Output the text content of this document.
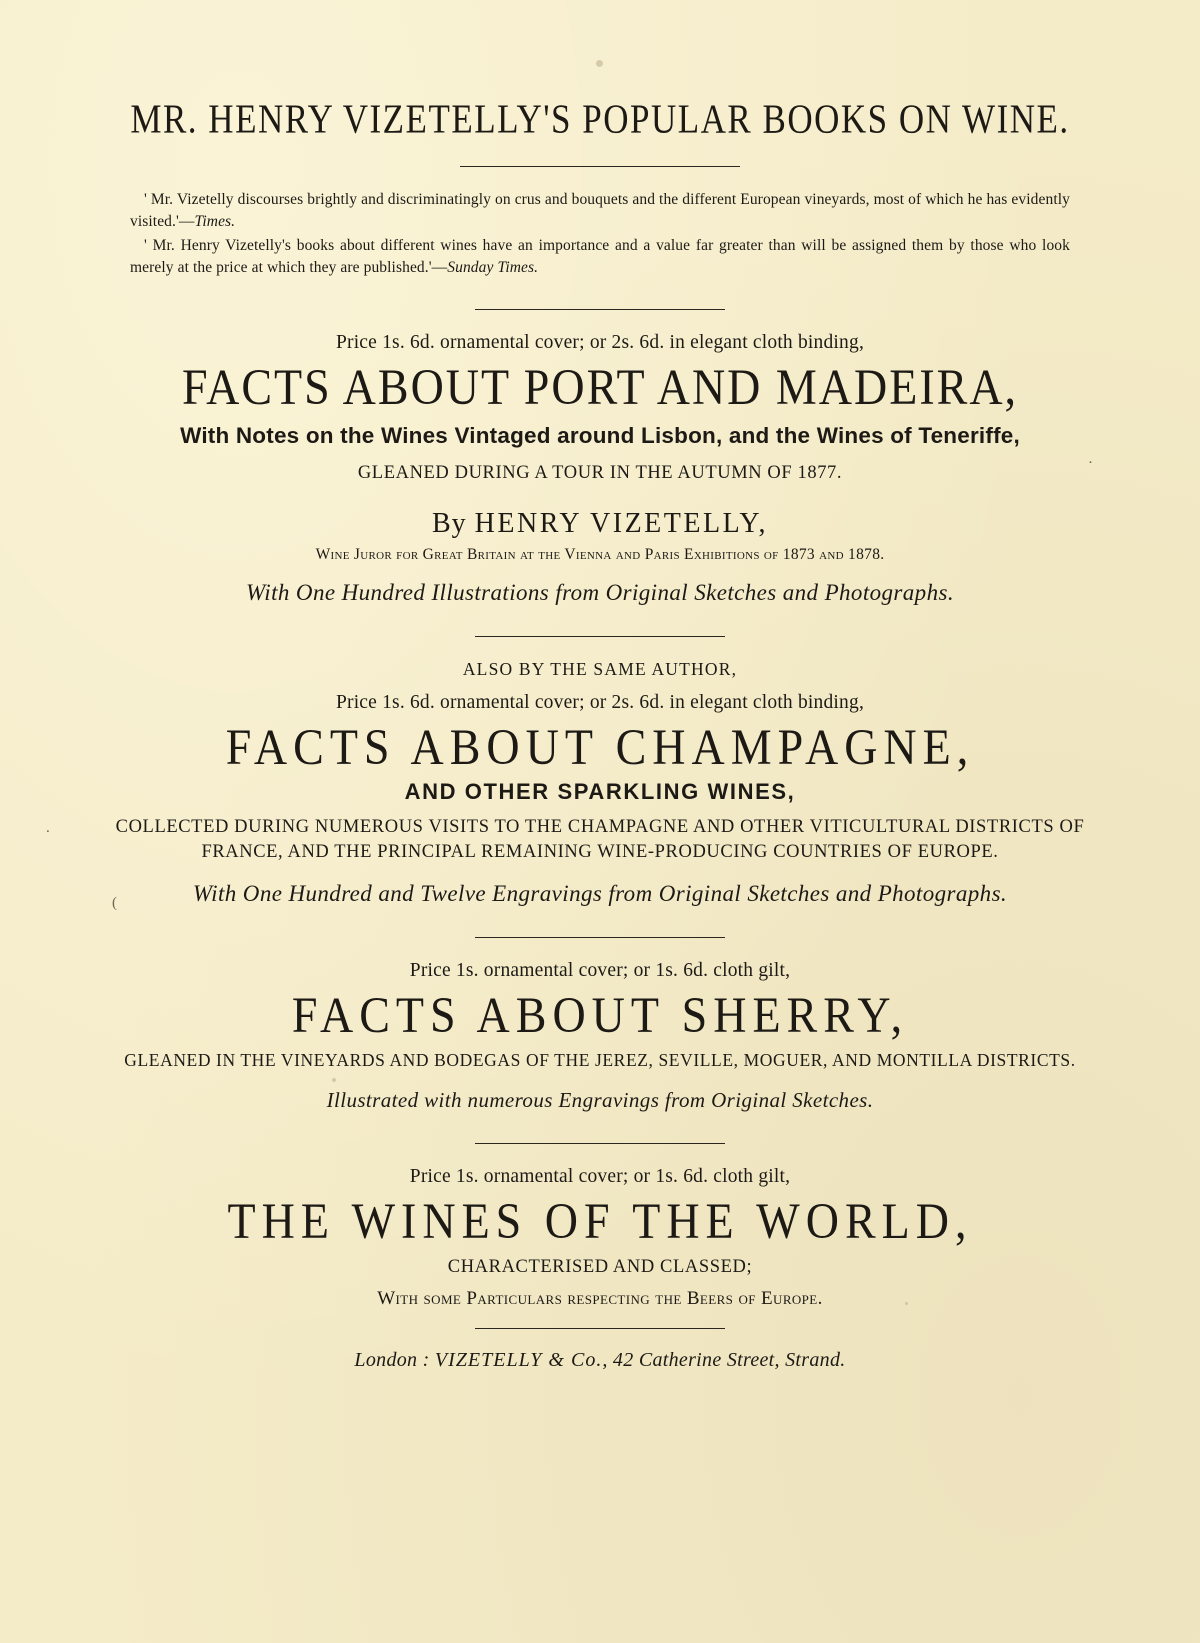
.
(
·
MR. HENRY VIZETELLY'S POPULAR BOOKS ON WINE.

' Mr. Vizetelly discourses brightly and discriminatingly on crus and bouquets and the different European vineyards, most of which he has evidently visited.'—Times.

' Mr. Henry Vizetelly's books about different wines have an importance and a value far greater than will be assigned them by those who look merely at the price at which they are published.'—Sunday Times.

Price 1s. 6d. ornamental cover; or 2s. 6d. in elegant cloth binding,
FACTS ABOUT PORT AND MADEIRA,
With Notes on the Wines Vintaged around Lisbon, and the Wines of Teneriffe,
GLEANED DURING A TOUR IN THE AUTUMN OF 1877.
By HENRY VIZETELLY,
Wine Juror for Great Britain at the Vienna and Paris Exhibitions of 1873 and 1878.
With One Hundred Illustrations from Original Sketches and Photographs.
ALSO BY THE SAME AUTHOR,
Price 1s. 6d. ornamental cover; or 2s. 6d. in elegant cloth binding,
FACTS ABOUT CHAMPAGNE,
AND OTHER SPARKLING WINES,
COLLECTED DURING NUMEROUS VISITS TO THE CHAMPAGNE AND OTHER VITICULTURAL DISTRICTS OF FRANCE, AND THE PRINCIPAL REMAINING WINE-PRODUCING COUNTRIES OF EUROPE.
With One Hundred and Twelve Engravings from Original Sketches and Photographs.
Price 1s. ornamental cover; or 1s. 6d. cloth gilt,
FACTS ABOUT SHERRY,
GLEANED IN THE VINEYARDS AND BODEGAS OF THE JEREZ, SEVILLE, MOGUER, AND MONTILLA DISTRICTS.
Illustrated with numerous Engravings from Original Sketches.
Price 1s. ornamental cover; or 1s. 6d. cloth gilt,
THE WINES OF THE WORLD,
CHARACTERISED AND CLASSED;
With some Particulars respecting the Beers of Europe.
London : VIZETELLY & Co., 42 Catherine Street, Strand.
